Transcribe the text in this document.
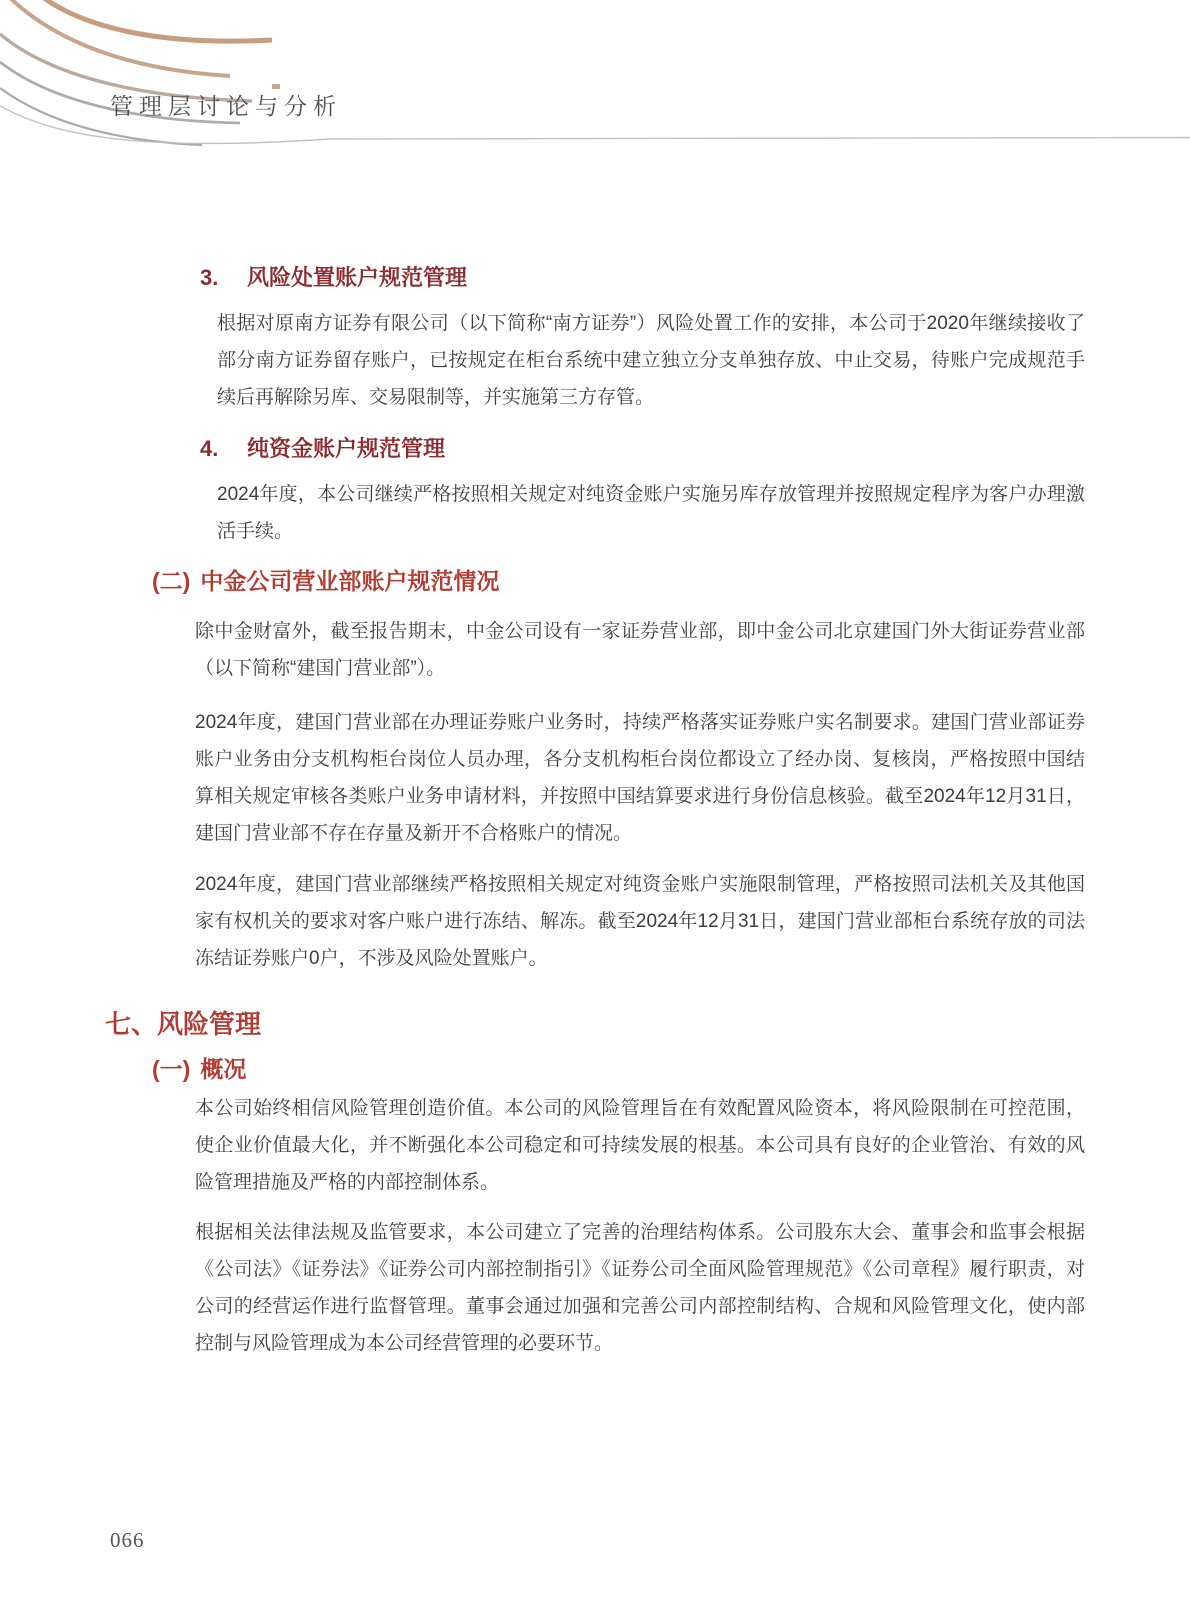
管理层讨论与分析
3. 风险处置账户规范管理
根据对原南方证券有限公司（以下简称“南方证券”）风险处置工作的安排，本公司于2020年继续接收了部分南方证券留存账户，已按规定在柜台系统中建立独立分支单独存放、中止交易，待账户完成规范手续后再解除另库、交易限制等，并实施第三方存管。
4. 纯资金账户规范管理
2024年度，本公司继续严格按照相关规定对纯资金账户实施另库存放管理并按照规定程序为客户办理激活手续。
(二) 中金公司营业部账户规范情况
除中金财富外，截至报告期末，中金公司设有一家证券营业部，即中金公司北京建国门外大街证券营业部（以下简称“建国门营业部”）。
2024年度，建国门营业部在办理证券账户业务时，持续严格落实证券账户实名制要求。建国门营业部证券账户业务由分支机构柜台岗位人员办理，各分支机构柜台岗位都设立了经办岗、复核岗，严格按照中国结算相关规定审核各类账户业务申请材料，并按照中国结算要求进行身份信息核验。截至2024年12月31日，建国门营业部不存在存量及新开不合格账户的情况。
2024年度，建国门营业部继续严格按照相关规定对纯资金账户实施限制管理，严格按照司法机关及其他国家有权机关的要求对客户账户进行冻结、解冻。截至2024年12月31日，建国门营业部柜台系统存放的司法冻结证券账户0户，不涉及风险处置账户。
七、风险管理
(一) 概况
本公司始终相信风险管理创造价值。本公司的风险管理旨在有效配置风险资本，将风险限制在可控范围，使企业价值最大化，并不断强化本公司稳定和可持续发展的根基。本公司具有良好的企业管治、有效的风险管理措施及严格的内部控制体系。
根据相关法律法规及监管要求，本公司建立了完善的治理结构体系。公司股东大会、董事会和监事会根据《公司法》《证券法》《证券公司内部控制指引》《证券公司全面风险管理规范》《公司章程》履行职责，对公司的经营运作进行监督管理。董事会通过加强和完善公司内部控制结构、合规和风险管理文化，使内部控制与风险管理成为本公司经营管理的必要环节。
066
